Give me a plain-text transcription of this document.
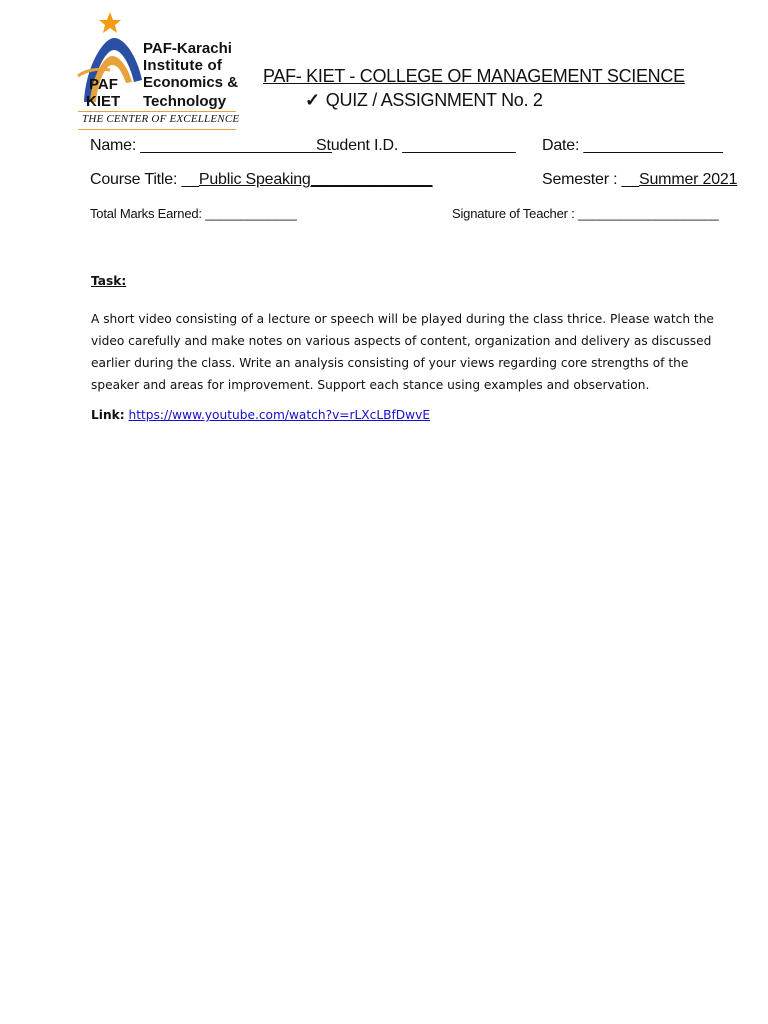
PAF
KIET
PAF-Karachi
Institute of
Economics &
Technology
THE CENTER OF EXCELLENCE
PAF- KIET - COLLEGE OF MANAGEMENT SCIENCE
✓ QUIZ / ASSIGNMENT No. 2
Name: ______________________
Student I.D. _____________ Date: ________________
Course Title: __Public Speaking______________	Semester : __Summer 2021
Total Marks Earned: _____________	Signature of Teacher : ____________________
Task:
A short video consisting of a lecture or speech will be played during the class thrice. Please watch the video carefully and make notes on various aspects of content, organization and delivery as discussed earlier during the class. Write an analysis consisting of your views regarding core strengths of the speaker and areas for improvement. Support each stance using examples and observation.
Link: https://www.youtube.com/watch?v=rLXcLBfDwvE
